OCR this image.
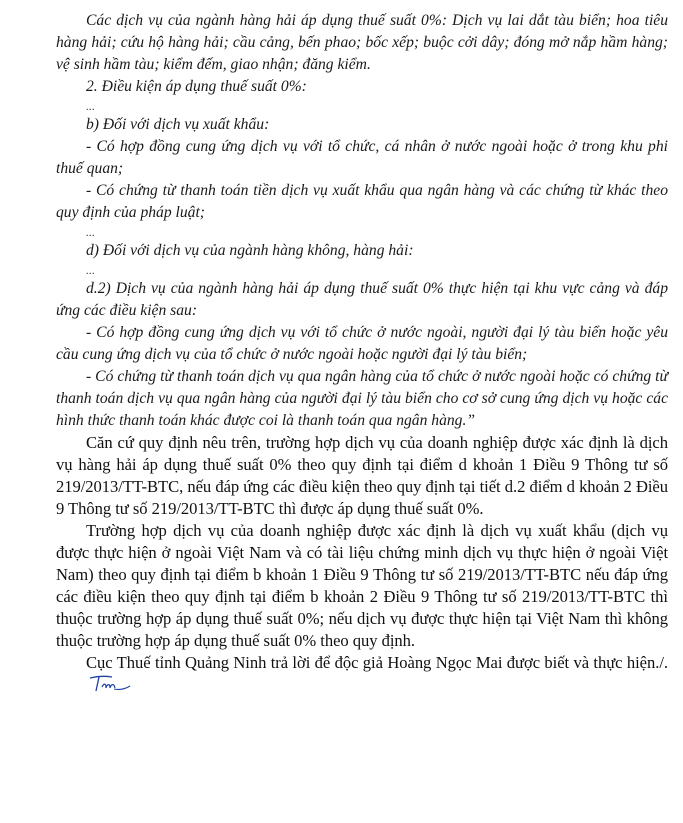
Các dịch vụ của ngành hàng hải áp dụng thuế suất 0%: Dịch vụ lai dắt tàu biển; hoa tiêu hàng hải; cứu hộ hàng hải; cầu cảng, bến phao; bốc xếp; buộc cởi dây; đóng mở nắp hầm hàng; vệ sinh hầm tàu; kiểm đếm, giao nhận; đăng kiểm.

2. Điều kiện áp dụng thuế suất 0%:

...

b) Đối với dịch vụ xuất khẩu:

- Có hợp đồng cung ứng dịch vụ với tổ chức, cá nhân ở nước ngoài hoặc ở trong khu phi thuế quan;

- Có chứng từ thanh toán tiền dịch vụ xuất khẩu qua ngân hàng và các chứng từ khác theo quy định của pháp luật;

...

d) Đối với dịch vụ của ngành hàng không, hàng hải:

...

d.2) Dịch vụ của ngành hàng hải áp dụng thuế suất 0% thực hiện tại khu vực cảng và đáp ứng các điều kiện sau:

- Có hợp đồng cung ứng dịch vụ với tổ chức ở nước ngoài, người đại lý tàu biển hoặc yêu cầu cung ứng dịch vụ của tổ chức ở nước ngoài hoặc người đại lý tàu biển;

- Có chứng từ thanh toán dịch vụ qua ngân hàng của tổ chức ở nước ngoài hoặc có chứng từ thanh toán dịch vụ qua ngân hàng của người đại lý tàu biển cho cơ sở cung ứng dịch vụ hoặc các hình thức thanh toán khác được coi là thanh toán qua ngân hàng.”

Căn cứ quy định nêu trên, trường hợp dịch vụ của doanh nghiệp được xác định là dịch vụ hàng hải áp dụng thuế suất 0% theo quy định tại điểm d khoản 1 Điều 9 Thông tư số 219/2013/TT-BTC, nếu đáp ứng các điều kiện theo quy định tại tiết d.2 điểm d khoản 2 Điều 9 Thông tư số 219/2013/TT-BTC thì được áp dụng thuế suất 0%.

Trường hợp dịch vụ của doanh nghiệp được xác định là dịch vụ xuất khẩu (dịch vụ được thực hiện ở ngoài Việt Nam và có tài liệu chứng minh dịch vụ thực hiện ở ngoài Việt Nam) theo quy định tại điểm b khoản 1 Điều 9 Thông tư số 219/2013/TT-BTC nếu đáp ứng các điều kiện theo quy định tại điểm b khoản 2 Điều 9 Thông tư số 219/2013/TT-BTC thì thuộc trường hợp áp dụng thuế suất 0%; nếu dịch vụ được thực hiện tại Việt Nam thì không thuộc trường hợp áp dụng thuế suất 0% theo quy định.

Cục Thuế tỉnh Quảng Ninh trả lời để độc giả Hoàng Ngọc Mai được biết và thực hiện./.
